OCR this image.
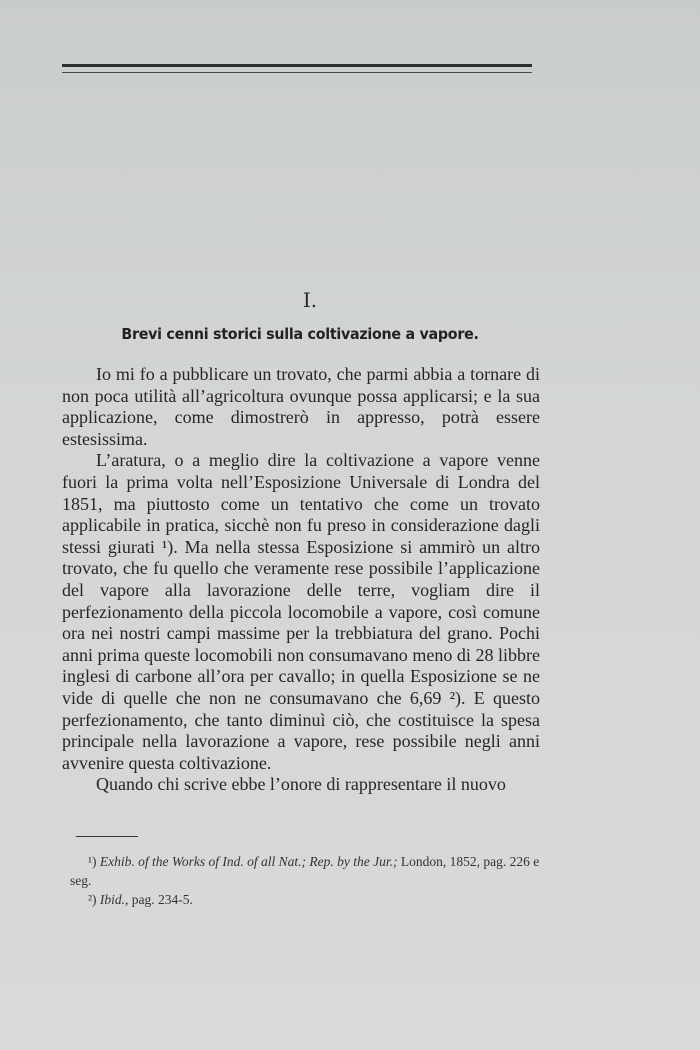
I.
Brevi cenni storici sulla coltivazione a vapore.

Io mi fo a pubblicare un trovato, che parmi abbia a tornare di non poca utilità all’agricoltura ovunque possa applicarsi; e la sua applicazione, come dimostrerò in appresso, potrà essere estesissima.

L’aratura, o a meglio dire la coltivazione a vapore venne fuori la prima volta nell’Esposizione Universale di Londra del 1851, ma piuttosto come un tentativo che come un trovato applicabile in pratica, sicchè non fu preso in considerazione dagli stessi giurati ¹). Ma nella stessa Esposizione si ammirò un altro trovato, che fu quello che veramente rese possibile l’applicazione del vapore alla lavorazione delle terre, vogliam dire il perfezionamento della piccola locomobile a vapore, così comune ora nei nostri campi massime per la trebbiatura del grano. Pochi anni prima queste locomobili non consumavano meno di 28 libbre inglesi di carbone all’ora per cavallo; in quella Esposizione se ne vide di quelle che non ne consumavano che 6,69 ²). E questo perfezionamento, che tanto diminuì ciò, che costituisce la spesa principale nella lavorazione a vapore, rese possibile negli anni avvenire questa coltivazione.

Quando chi scrive ebbe l’onore di rappresentare il nuovo

¹) Exhib. of the Works of Ind. of all Nat.; Rep. by the Jur.; London, 1852, pag. 226 e seg.

²) Ibid., pag. 234-5.
